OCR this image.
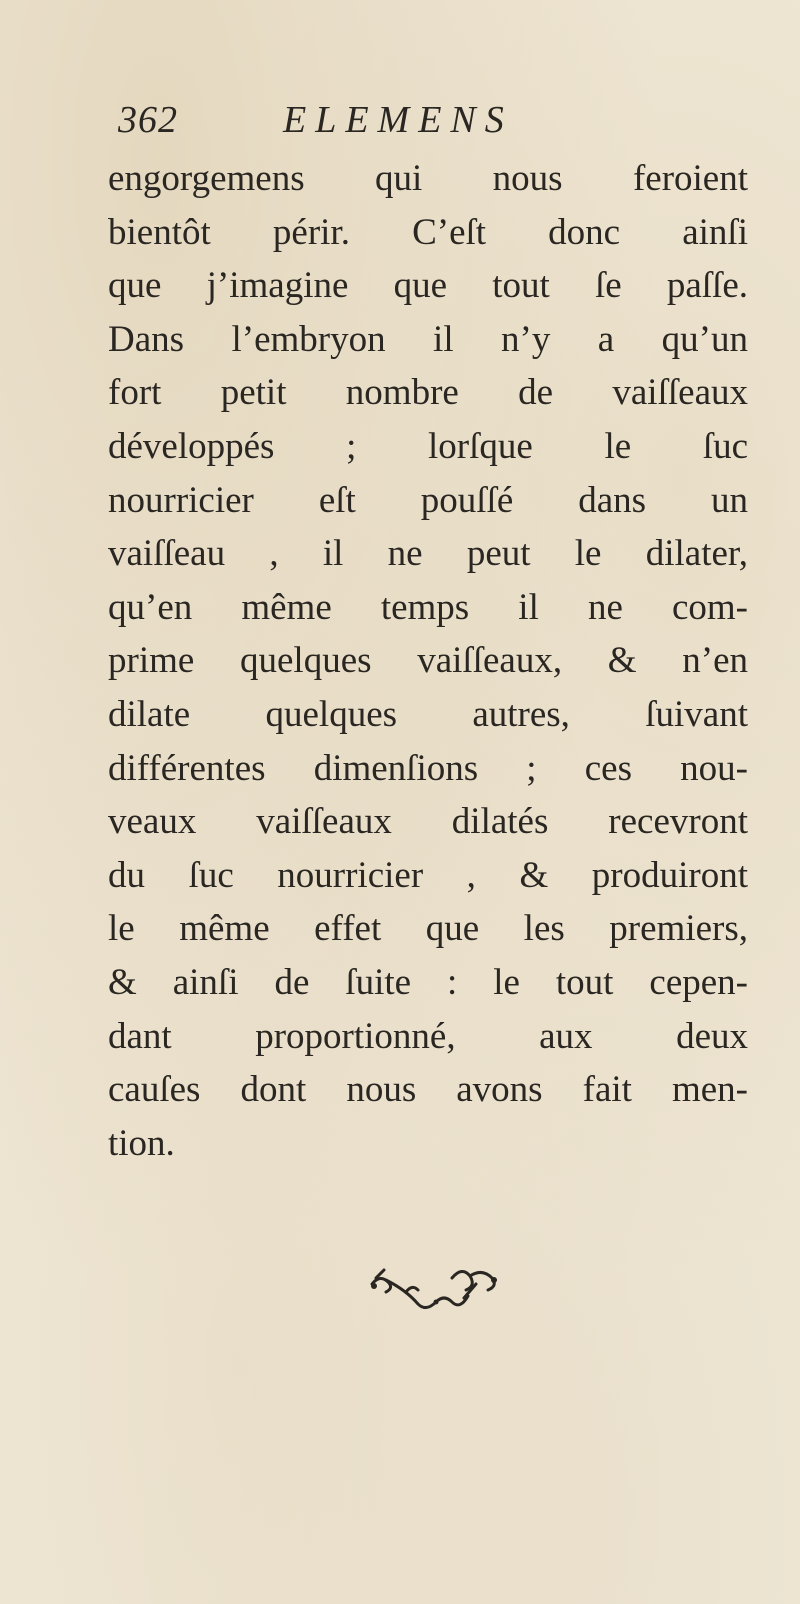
362	ELEMENS
engorgemens qui nous feroient
bientôt périr. C’eſt donc ainſi
que j’imagine que tout ſe paſſe.
Dans l’embryon il n’y a qu’un
fort petit nombre de vaiſſeaux
développés ; lorſque le ſuc
nourricier eſt pouſſé dans un
vaiſſeau , il ne peut le dilater,
qu’en même temps il ne com-
prime quelques vaiſſeaux, & n’en
dilate quelques autres, ſuivant
différentes dimenſions ; ces nou-
veaux vaiſſeaux dilatés recevront
du ſuc nourricier , & produiront
le même effet que les premiers,
& ainſi de ſuite : le tout cepen-
dant proportionné, aux deux
cauſes dont nous avons fait men-
tion.
